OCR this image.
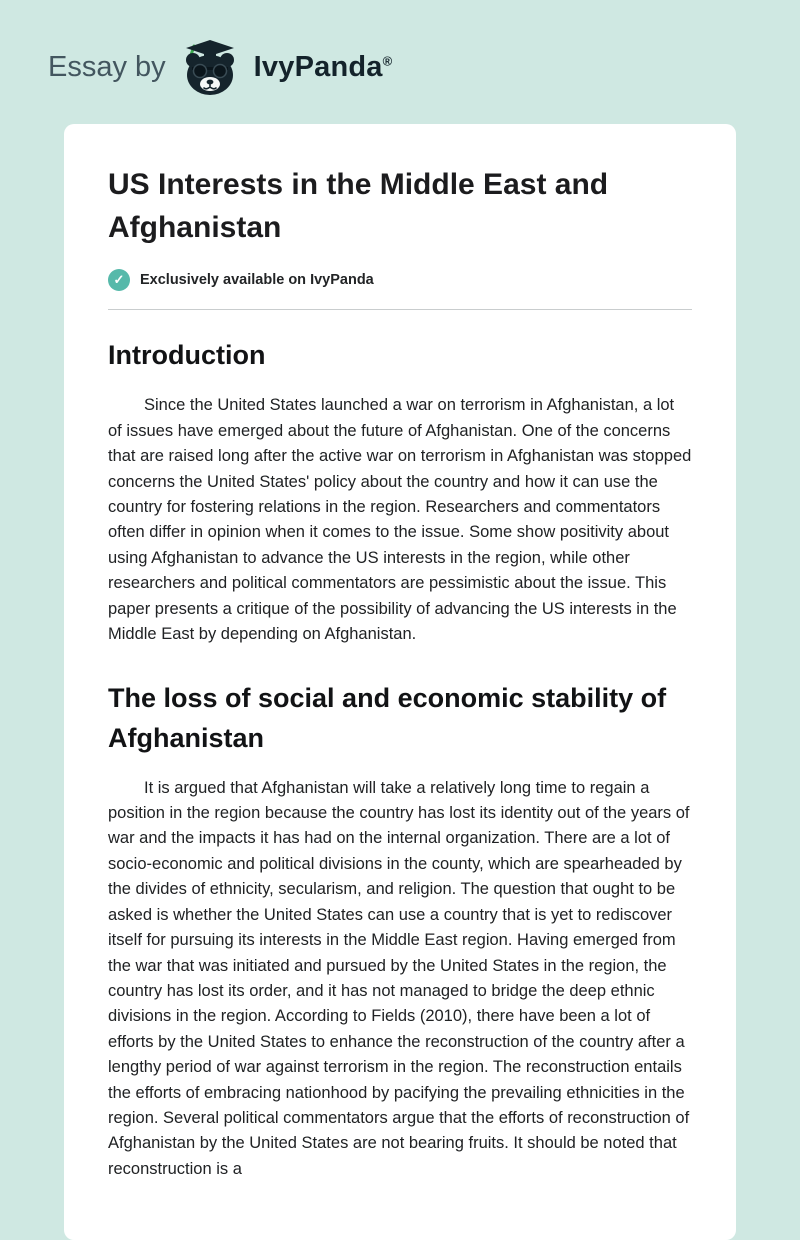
Essay by	IvyPanda®
US Interests in the Middle East and Afghanistan
✓	Exclusively available on IvyPanda
Introduction

Since the United States launched a war on terrorism in Afghanistan, a lot of issues have emerged about the future of Afghanistan. One of the concerns that are raised long after the active war on terrorism in Afghanistan was stopped concerns the United States' policy about the country and how it can use the country for fostering relations in the region. Researchers and commentators often differ in opinion when it comes to the issue. Some show positivity about using Afghanistan to advance the US interests in the region, while other researchers and political commentators are pessimistic about the issue. This paper presents a critique of the possibility of advancing the US interests in the Middle East by depending on Afghanistan.

The loss of social and economic stability of Afghanistan

It is argued that Afghanistan will take a relatively long time to regain a position in the region because the country has lost its identity out of the years of war and the impacts it has had on the internal organization. There are a lot of socio-economic and political divisions in the county, which are spearheaded by the divides of ethnicity, secularism, and religion. The question that ought to be asked is whether the United States can use a country that is yet to rediscover itself for pursuing its interests in the Middle East region. Having emerged from the war that was initiated and pursued by the United States in the region, the country has lost its order, and it has not managed to bridge the deep ethnic divisions in the region. According to Fields (2010), there have been a lot of efforts by the United States to enhance the reconstruction of the country after a lengthy period of war against terrorism in the region. The reconstruction entails the efforts of embracing nationhood by pacifying the prevailing ethnicities in the region. Several political commentators argue that the efforts of reconstruction of Afghanistan by the United States are not bearing fruits. It should be noted that reconstruction is a
